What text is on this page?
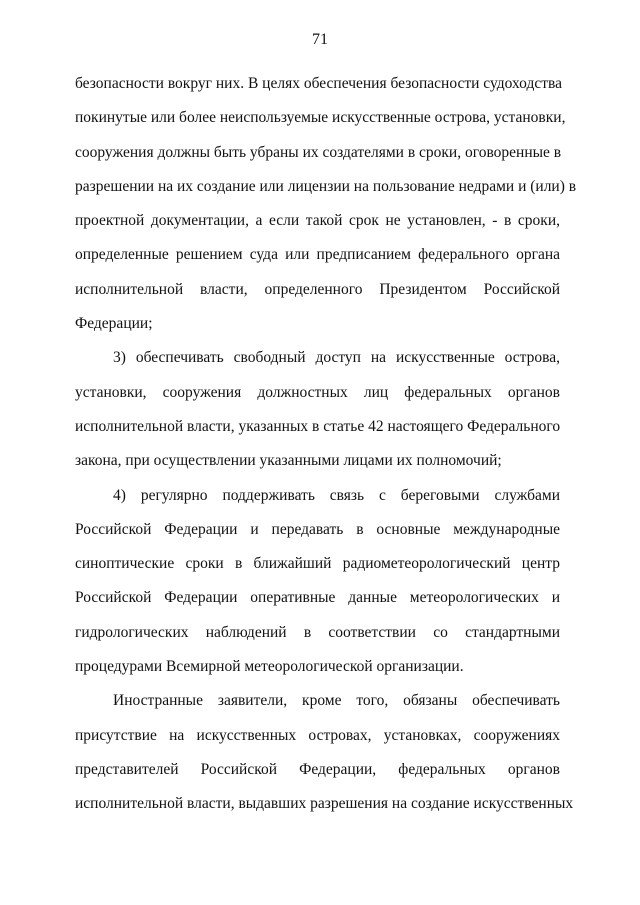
71
безопасности вокруг них. В целях обеспечения безопасности судоходства
покинутые или более неиспользуемые искусственные острова, установки,
сооружения должны быть убраны их создателями в сроки, оговоренные в
разрешении на их создание или лицензии на пользование недрами и (или) в
проектной документации, а если такой срок не установлен, - в сроки,
определенные решением суда или предписанием федерального органа
исполнительной власти, определенного Президентом Российской
Федерации;
3) обеспечивать свободный доступ на искусственные острова,
установки, сооружения должностных лиц федеральных органов
исполнительной власти, указанных в статье 42 настоящего Федерального
закона, при осуществлении указанными лицами их полномочий;
4) регулярно поддерживать связь с береговыми службами
Российской Федерации и передавать в основные международные
синоптические сроки в ближайший радиометеорологический центр
Российской Федерации оперативные данные метеорологических и
гидрологических наблюдений в соответствии со стандартными
процедурами Всемирной метеорологической организации.
Иностранные заявители, кроме того, обязаны обеспечивать
присутствие на искусственных островах, установках, сооружениях
представителей Российской Федерации, федеральных органов
исполнительной власти, выдавших разрешения на создание искусственных
